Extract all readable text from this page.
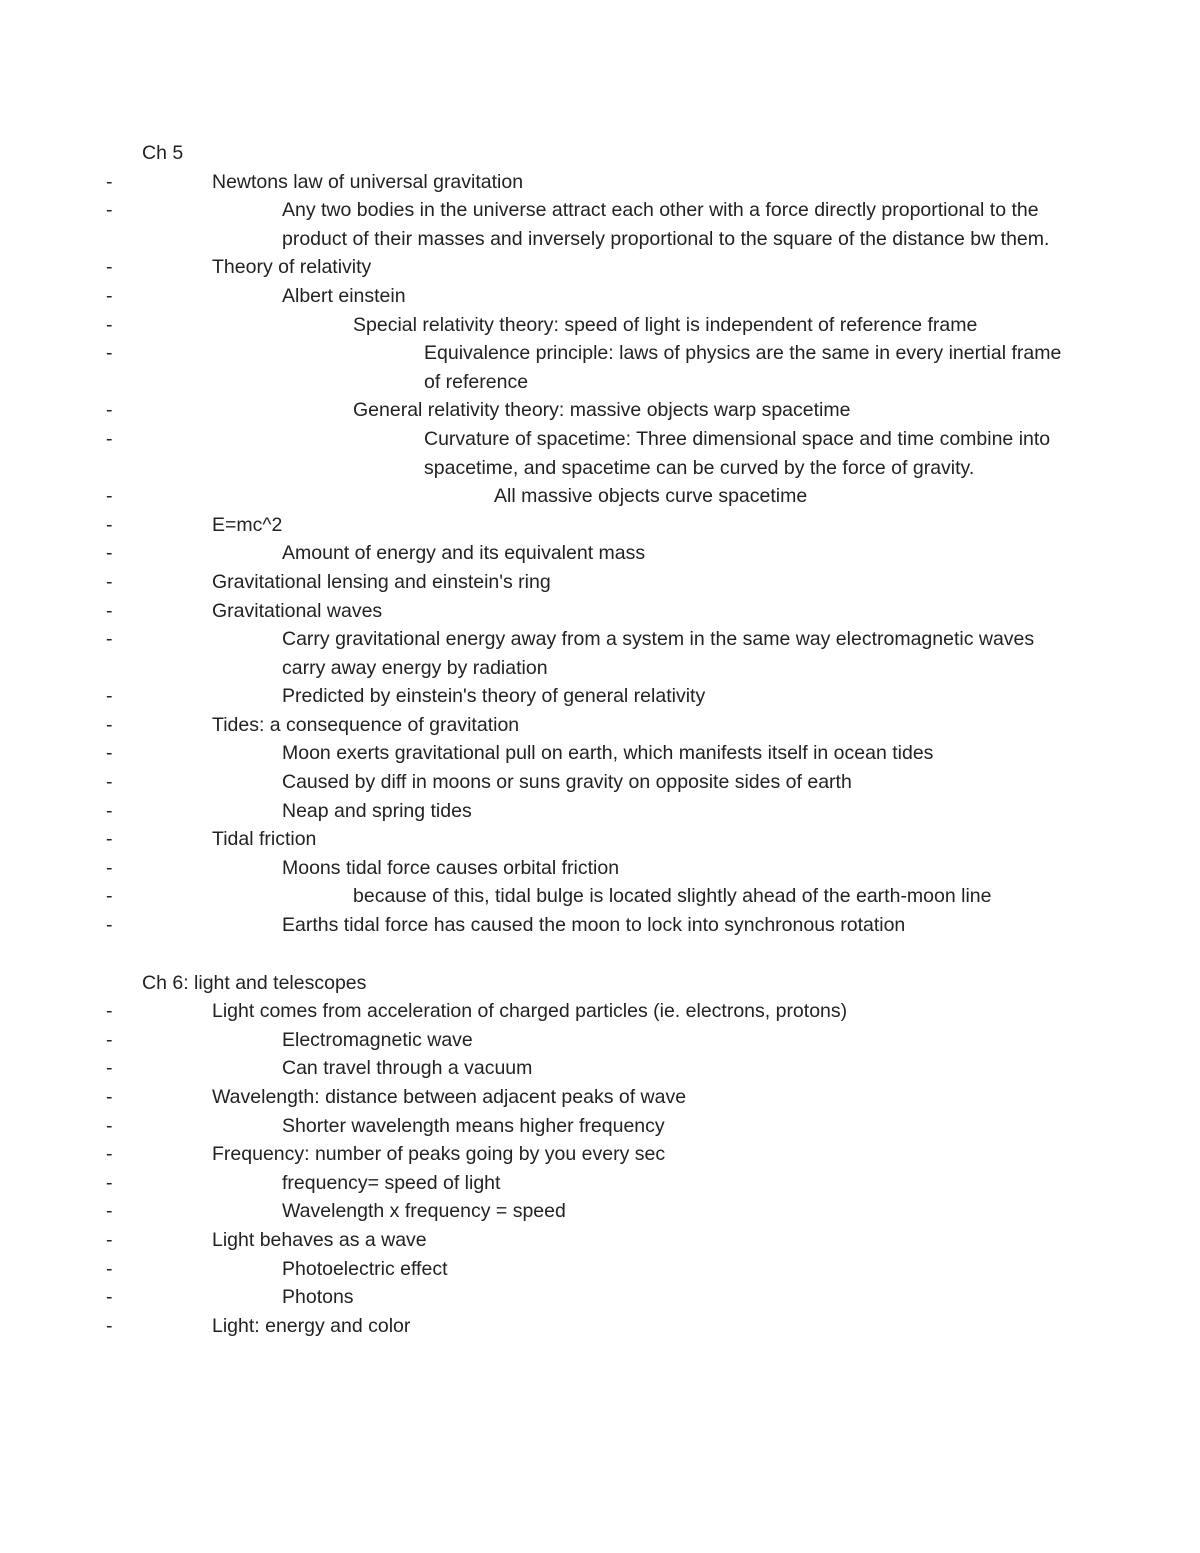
Ch 5
- Newtons law of universal gravitation
- Any two bodies in the universe attract each other with a force directly proportional to the product of their masses and inversely proportional to the square of the distance bw them.
- Theory of relativity
- Albert einstein
- Special relativity theory: speed of light is independent of reference frame
- Equivalence principle: laws of physics are the same in every inertial frame of reference
- General relativity theory: massive objects warp spacetime
- Curvature of spacetime: Three dimensional space and time combine into spacetime, and spacetime can be curved by the force of gravity.
- All massive objects curve spacetime
- E=mc^2
- Amount of energy and its equivalent mass
- Gravitational lensing and einstein's ring
- Gravitational waves
- Carry gravitational energy away from a system in the same way electromagnetic waves carry away energy by radiation
- Predicted by einstein's theory of general relativity
- Tides: a consequence of gravitation
- Moon exerts gravitational pull on earth, which manifests itself in ocean tides
- Caused by diff in moons or suns gravity on opposite sides of earth
- Neap and spring tides
- Tidal friction
- Moons tidal force causes orbital friction
- because of this, tidal bulge is located slightly ahead of the earth-moon line
- Earths tidal force has caused the moon to lock into synchronous rotation
Ch 6: light and telescopes
- Light comes from acceleration of charged particles (ie. electrons, protons)
- Electromagnetic wave
- Can travel through a vacuum
- Wavelength: distance between adjacent peaks of wave
- Shorter wavelength means higher frequency
- Frequency: number of peaks going by you every sec
- frequency= speed of light
- Wavelength x frequency = speed
- Light behaves as a wave
- Photoelectric effect
- Photons
- Light: energy and color
